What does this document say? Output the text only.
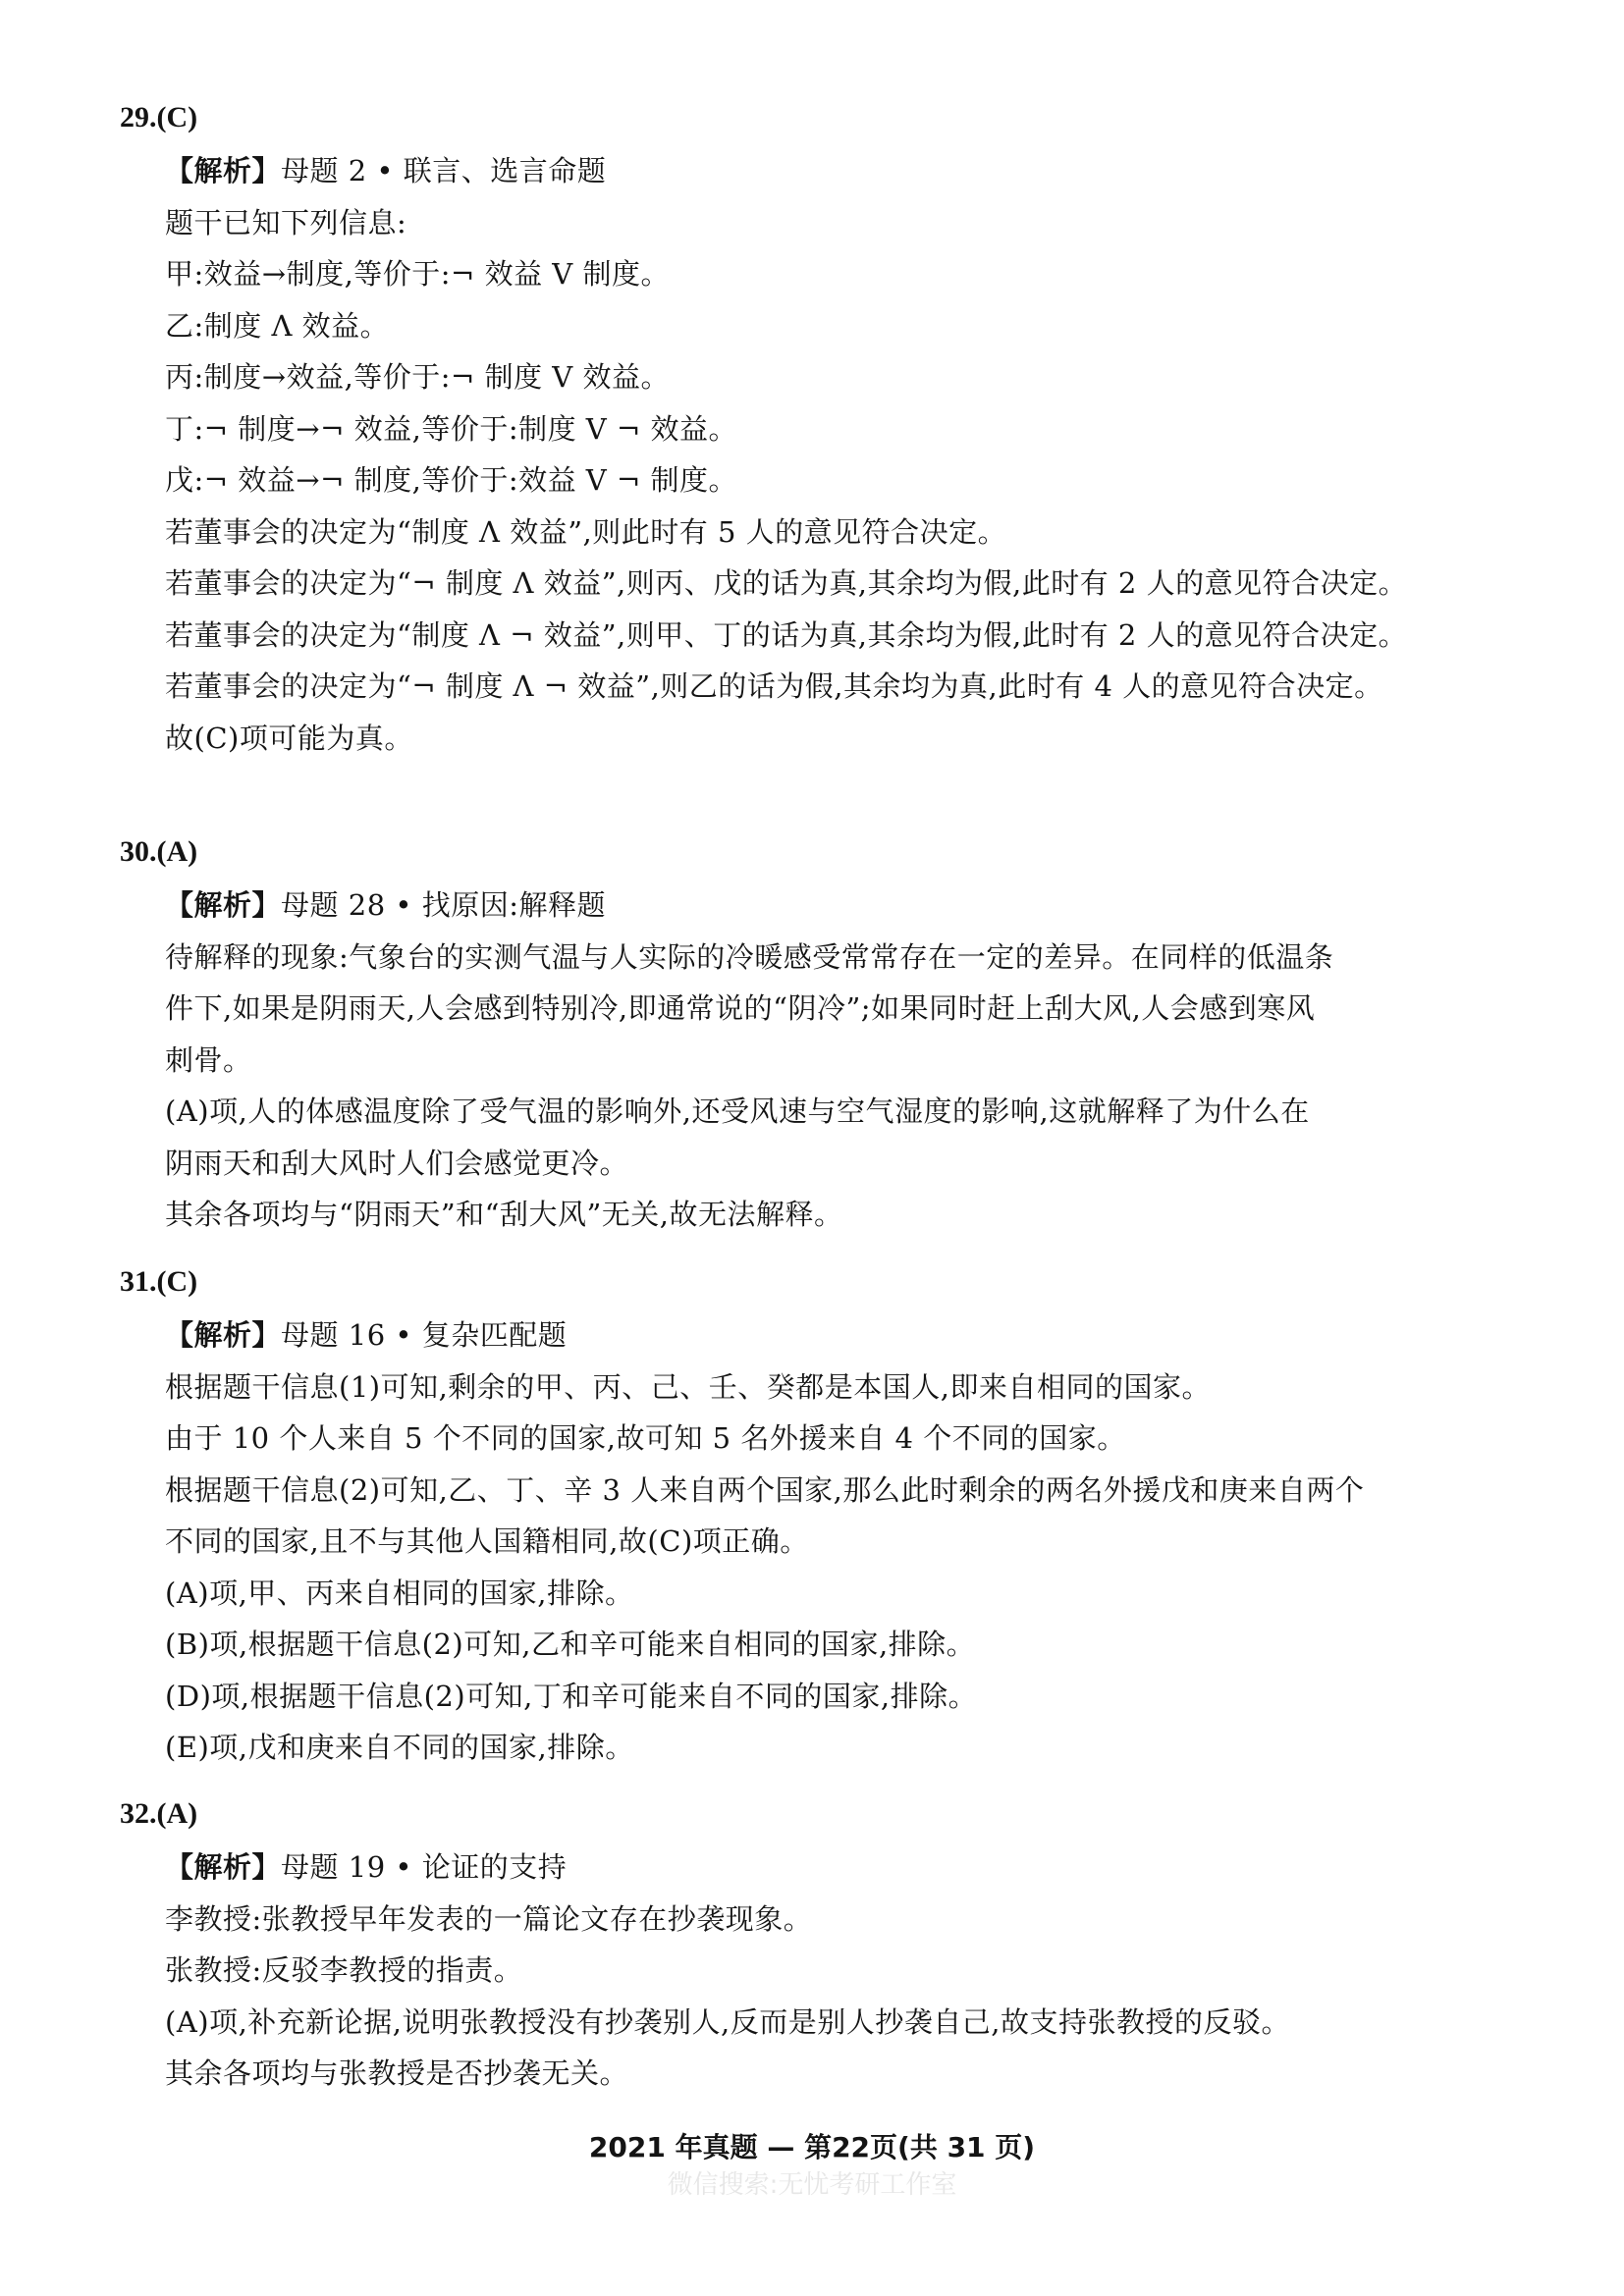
29.(C)
【解析】母题 2 • 联言、选言命题
题干已知下列信息:
甲:效益→制度,等价于:¬ 效益 V 制度。
乙:制度 Λ 效益。
丙:制度→效益,等价于:¬ 制度 V 效益。
丁:¬ 制度→¬ 效益,等价于:制度 V ¬ 效益。
戊:¬ 效益→¬ 制度,等价于:效益 V ¬ 制度。
若董事会的决定为“制度 Λ 效益”,则此时有 5 人的意见符合决定。
若董事会的决定为“¬ 制度 Λ 效益”,则丙、戊的话为真,其余均为假,此时有 2 人的意见符合决定。
若董事会的决定为“制度 Λ ¬ 效益”,则甲、丁的话为真,其余均为假,此时有 2 人的意见符合决定。
若董事会的决定为“¬ 制度 Λ ¬ 效益”,则乙的话为假,其余均为真,此时有 4 人的意见符合决定。
故(C)项可能为真。
30.(A)
【解析】母题 28 • 找原因:解释题
待解释的现象:气象台的实测气温与人实际的冷暖感受常常存在一定的差异。在同样的低温条
件下,如果是阴雨天,人会感到特别冷,即通常说的“阴冷”;如果同时赶上刮大风,人会感到寒风
刺骨。
(A)项,人的体感温度除了受气温的影响外,还受风速与空气湿度的影响,这就解释了为什么在
阴雨天和刮大风时人们会感觉更冷。
其余各项均与“阴雨天”和“刮大风”无关,故无法解释。
31.(C)
【解析】母题 16 • 复杂匹配题
根据题干信息(1)可知,剩余的甲、丙、己、壬、癸都是本国人,即来自相同的国家。
由于 10 个人来自 5 个不同的国家,故可知 5 名外援来自 4 个不同的国家。
根据题干信息(2)可知,乙、丁、辛 3 人来自两个国家,那么此时剩余的两名外援戊和庚来自两个
不同的国家,且不与其他人国籍相同,故(C)项正确。
(A)项,甲、丙来自相同的国家,排除。
(B)项,根据题干信息(2)可知,乙和辛可能来自相同的国家,排除。
(D)项,根据题干信息(2)可知,丁和辛可能来自不同的国家,排除。
(E)项,戊和庚来自不同的国家,排除。
32.(A)
【解析】母题 19 • 论证的支持
李教授:张教授早年发表的一篇论文存在抄袭现象。
张教授:反驳李教授的指责。
(A)项,补充新论据,说明张教授没有抄袭别人,反而是别人抄袭自己,故支持张教授的反驳。
其余各项均与张教授是否抄袭无关。
2021 年真题 — 第22页(共 31 页)
微信搜索:无忧考研工作室
